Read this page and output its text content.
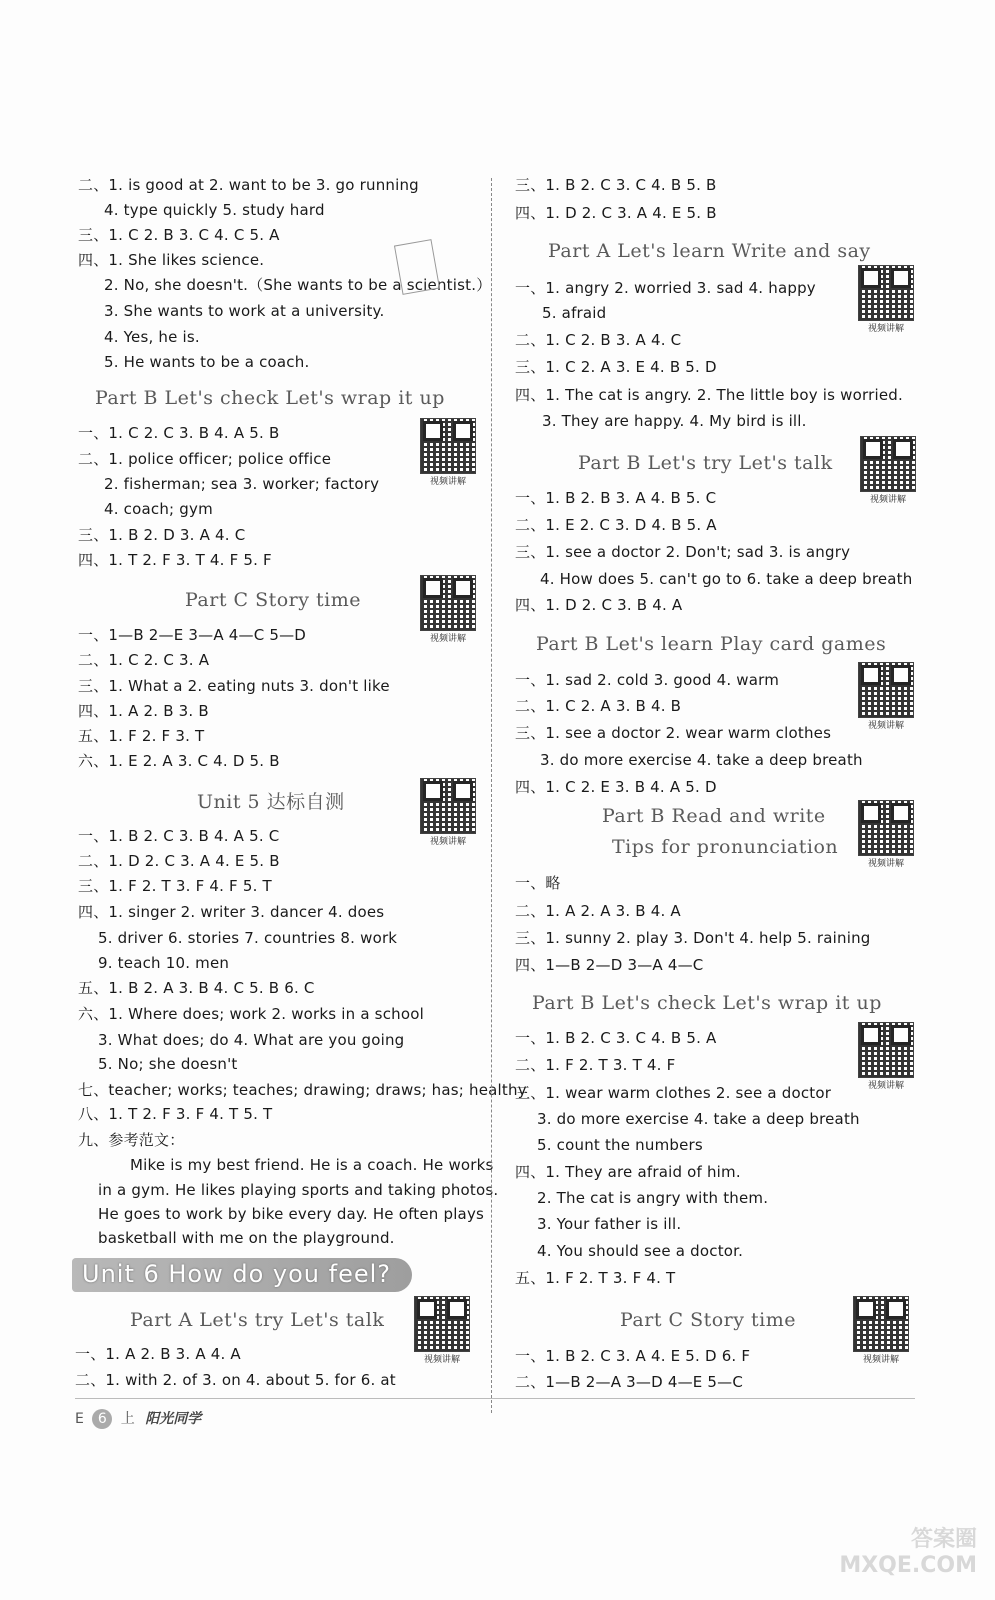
二、1. is good at 2. want to be 3. go running
4. type quickly 5. study hard
三、1. C 2. B 3. C 4. C 5. A
四、1. She likes science.
2. No, she doesn't.（She wants to be a scientist.）
3. She wants to work at a university.
4. Yes, he is.
5. He wants to be a coach.
Part B Let's check Let's wrap it up
一、1. C 2. C 3. B 4. A 5. B
二、1. police officer; police office
2. fisherman; sea 3. worker; factory
4. coach; gym
三、1. B 2. D 3. A 4. C
四、1. T 2. F 3. T 4. F 5. F
Part C Story time
一、1—B 2—E 3—A 4—C 5—D
二、1. C 2. C 3. A
三、1. What a 2. eating nuts 3. don't like
四、1. A 2. B 3. B
五、1. F 2. F 3. T
六、1. E 2. A 3. C 4. D 5. B
Unit 5 达标自测
一、1. B 2. C 3. B 4. A 5. C
二、1. D 2. C 3. A 4. E 5. B
三、1. F 2. T 3. F 4. F 5. T
四、1. singer 2. writer 3. dancer 4. does
5. driver 6. stories 7. countries 8. work
9. teach 10. men
五、1. B 2. A 3. B 4. C 5. B 6. C
六、1. Where does; work 2. works in a school
3. What does; do 4. What are you going
5. No; she doesn't
七、teacher; works; teaches; drawing; draws; has; healthy
八、1. T 2. F 3. F 4. T 5. T
九、参考范文：
Mike is my best friend. He is a coach. He works
in a gym. He likes playing sports and taking photos.
He goes to work by bike every day. He often plays
basketball with me on the playground.
Unit 6 How do you feel?
Part A Let's try Let's talk
一、1. A 2. B 3. A 4. A
二、1. with 2. of 3. on 4. about 5. for 6. at
视频讲解
视频讲解
视频讲解
视频讲解
三、1. B 2. C 3. C 4. B 5. B
四、1. D 2. C 3. A 4. E 5. B
Part A Let's learn Write and say
一、1. angry 2. worried 3. sad 4. happy
5. afraid
二、1. C 2. B 3. A 4. C
三、1. C 2. A 3. E 4. B 5. D
四、1. The cat is angry. 2. The little boy is worried.
3. They are happy. 4. My bird is ill.
Part B Let's try Let's talk
一、1. B 2. B 3. A 4. B 5. C
二、1. E 2. C 3. D 4. B 5. A
三、1. see a doctor 2. Don't; sad 3. is angry
4. How does 5. can't go to 6. take a deep breath
四、1. D 2. C 3. B 4. A
Part B Let's learn Play card games
一、1. sad 2. cold 3. good 4. warm
二、1. C 2. A 3. B 4. B
三、1. see a doctor 2. wear warm clothes
3. do more exercise 4. take a deep breath
四、1. C 2. E 3. B 4. A 5. D
Part B Read and write
Tips for pronunciation
一、略
二、1. A 2. A 3. B 4. A
三、1. sunny 2. play 3. Don't 4. help 5. raining
四、1—B 2—D 3—A 4—C
Part B Let's check Let's wrap it up
一、1. B 2. C 3. C 4. B 5. A
二、1. F 2. T 3. T 4. F
三、1. wear warm clothes 2. see a doctor
3. do more exercise 4. take a deep breath
5. count the numbers
四、1. They are afraid of him.
2. The cat is angry with them.
3. Your father is ill.
4. You should see a doctor.
五、1. F 2. T 3. F 4. T
Part C Story time
一、1. B 2. C 3. A 4. E 5. D 6. F
二、1—B 2—A 3—D 4—E 5—C
视频讲解
视频讲解
视频讲解
视频讲解
视频讲解
视频讲解
E 6 上 阳光同学
答案圈 MXQE.COM
